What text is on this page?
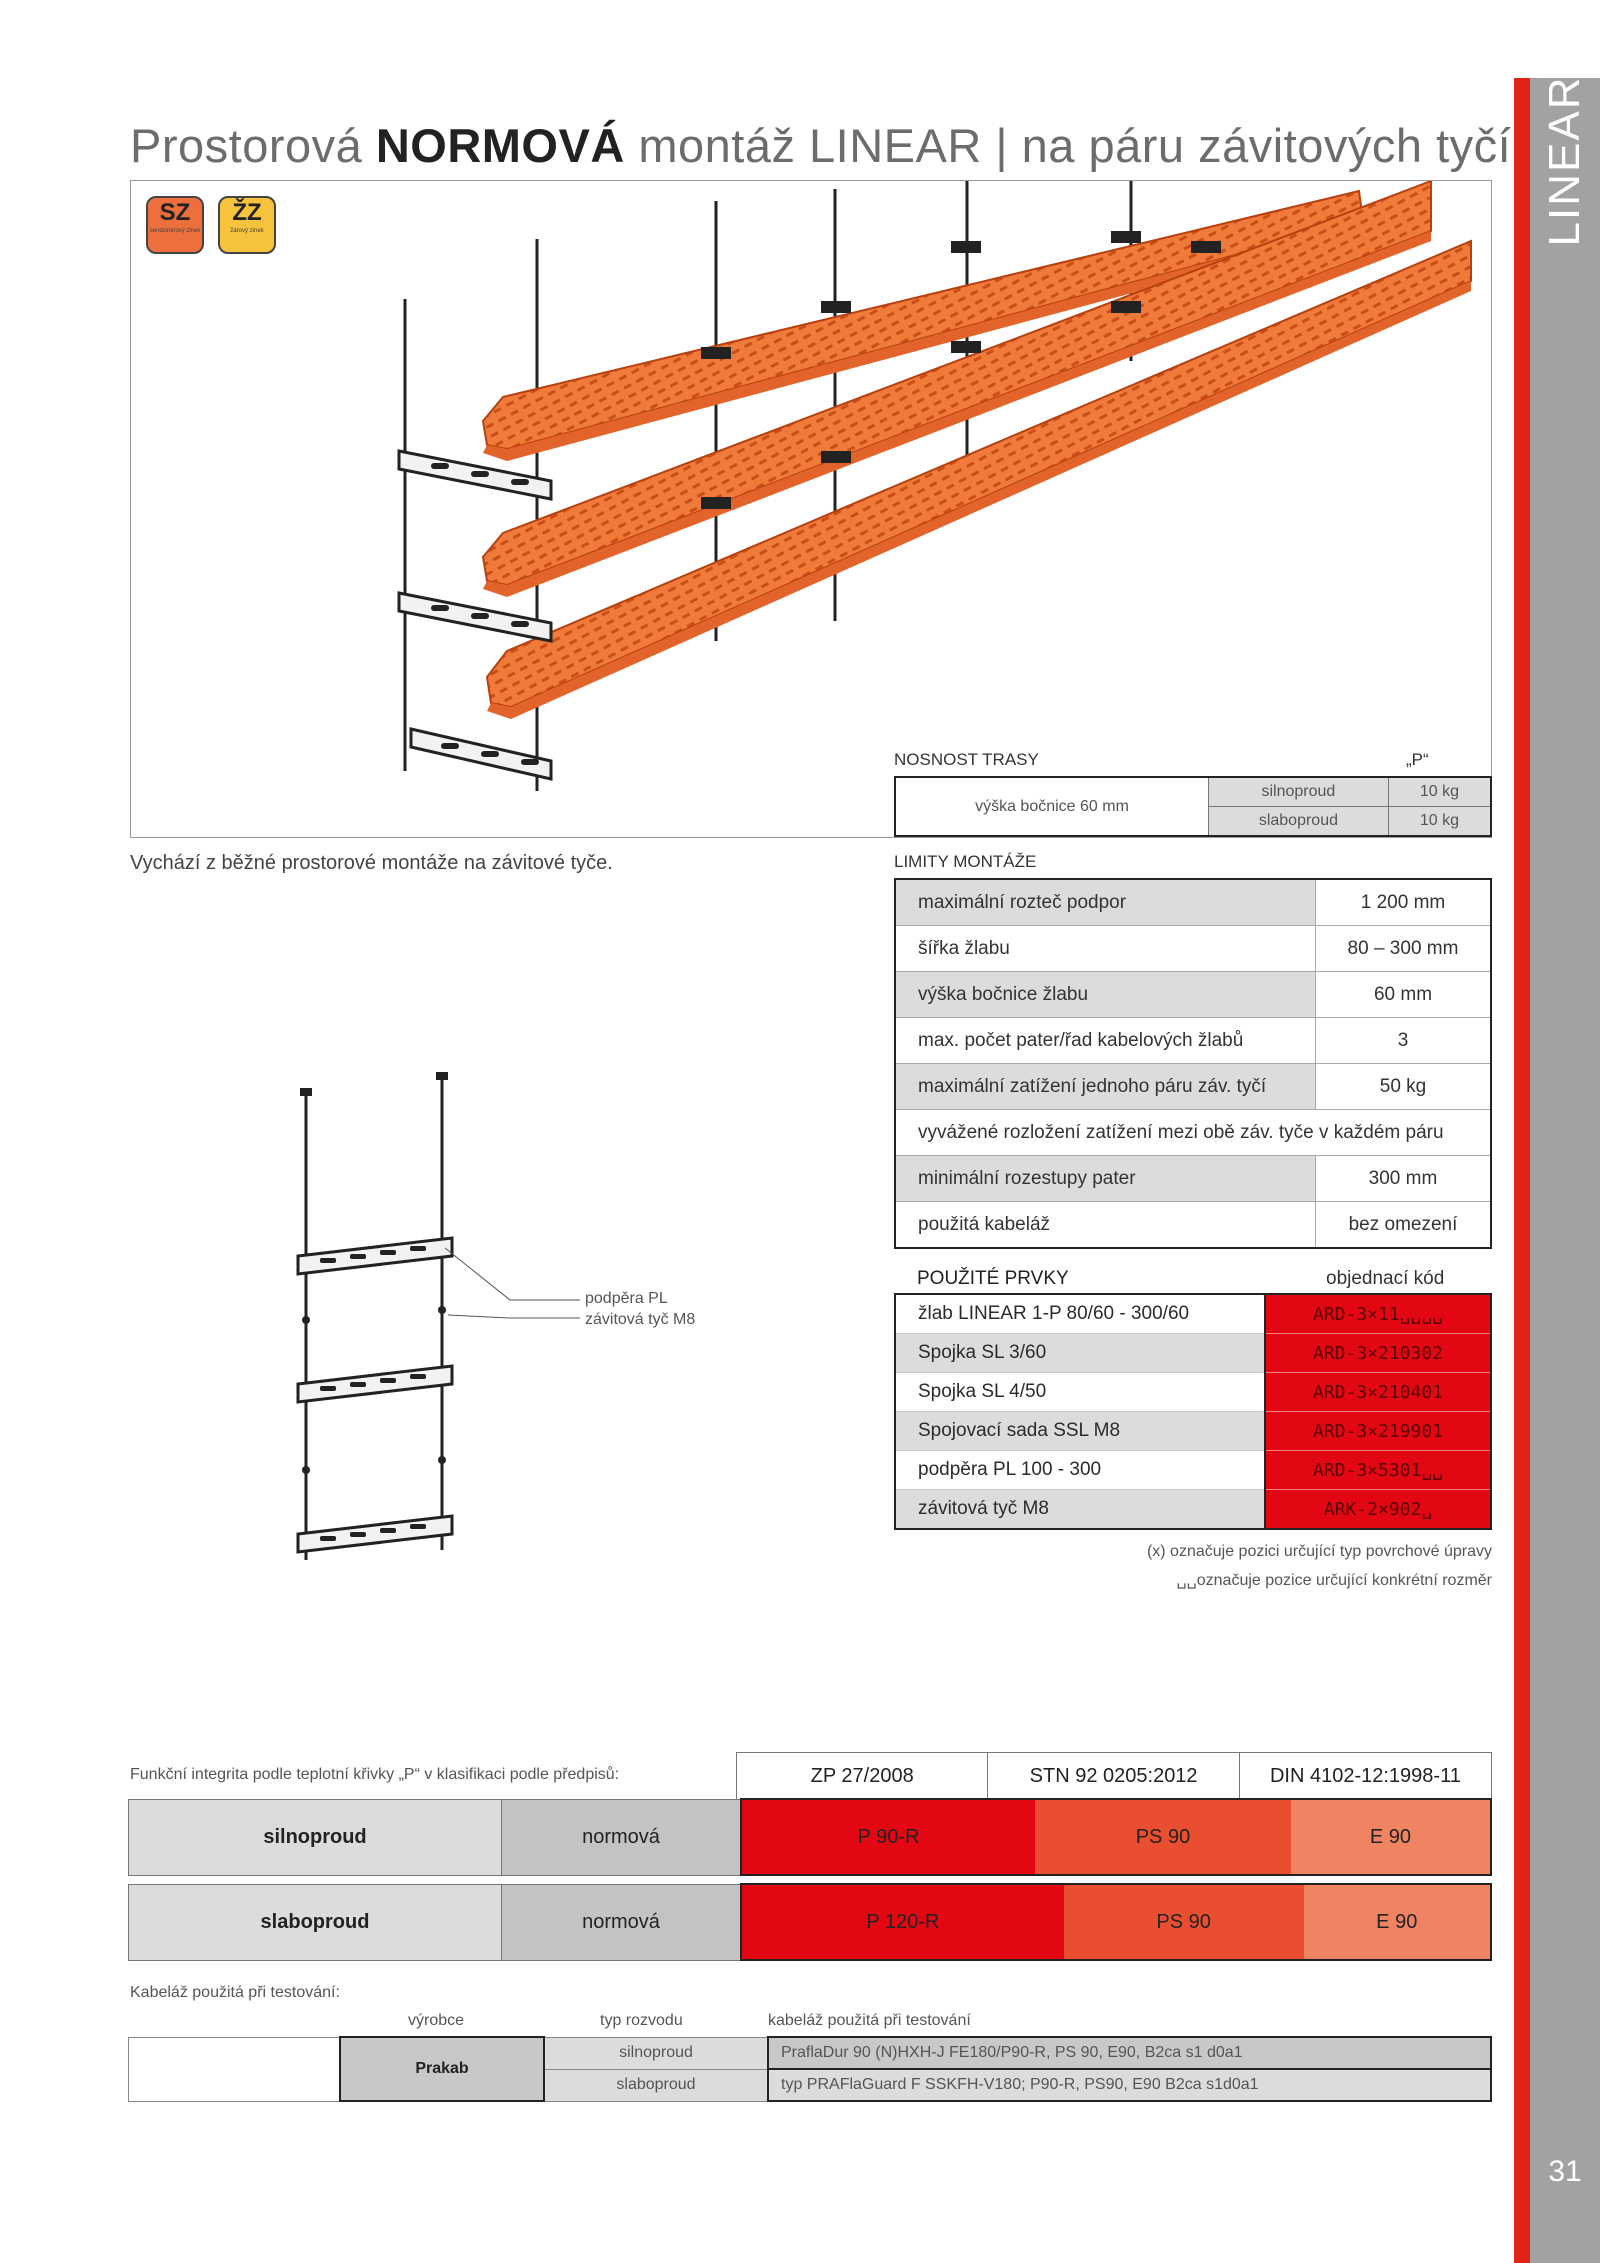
Prostorová NORMOVÁ montáž LINEAR | na páru závitových tyčí LINEAR
31
SZ
sendzimirový zinek
ŽZ
žárový zinek
Vychází z běžné prostorové montáže na závitové tyče.
NOSNOST TRASY	„P“
výška bočnice 60 mm	silnoproud	10 kg
	slaboproud	10 kg
LIMITY MONTÁŽE
maximální rozteč podpor	1 200 mm
šířka žlabu	80 – 300 mm
výška bočnice žlabu	60 mm
max. počet pater/řad kabelových žlabů	3
maximální zatížení jednoho páru záv. tyčí	50 kg
vyvážené rozložení zatížení mezi obě záv. tyče v každém páru	
minimální rozestupy pater	300 mm
použitá kabeláž	bez omezení
POUŽITÉ PRVKY	objednací kód
žlab LINEAR 1-P 80/60 - 300/60	ARD-3×11␣␣␣␣
Spojka SL 3/60	ARD-3×210302
Spojka SL 4/50	ARD-3×210401
Spojovací sada SSL M8	ARD-3×219901
podpěra PL 100 - 300	ARD-3×5301␣␣
závitová tyč M8	ARK-2×902␣
(x) označuje pozici určující typ povrchové úpravy
␣␣označuje pozice určující konkrétní rozměr
podpěra PL
závitová tyč M8
Funkční integrita podle teplotní křivky „P“ v klasifikaci podle předpisů:	ZP 27/2008	STN 92 0205:2012	DIN 4102-12:1998-11
silnoproud	normová	P 90-R	PS 90	E 90
slaboproud	normová	P 120-R	PS 90	E 90
Kabeláž použitá při testování:
výrobce	typ rozvodu	kabeláž použitá při testování
	Prakab	silnoproud	PraflaDur 90 (N)HXH-J FE180/P90-R, PS 90, E90, B2ca s1 d0a1
		slaboproud	typ PRAFlaGuard F SSKFH-V180; P90-R, PS90, E90 B2ca s1d0a1
